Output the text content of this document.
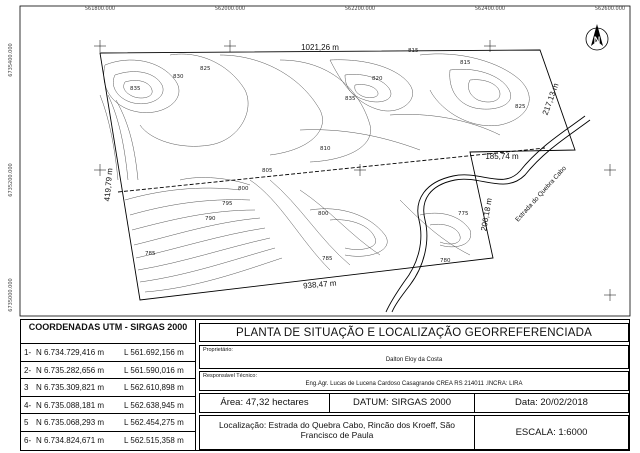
561800.000	562000.000	562200.000	562400.000	562600.000
6735400.000
6735200.000
6735000.000
N
Estrada do Quebra Cabo
1021,26 m
217,13 m
419,79 m
185,74 m
206,18 m
938,47 m
835
830
825
835
820
815
815
810
805
800
795
790
800
785	780
775
825
785
COORDENADAS UTM - SIRGAS 2000
1- N 6.734.729,416 m L 561.692,156 m
2- N 6.735.282,656 m L 561.590,016 m
3 N 6.735.309,821 m L 562.610,898 m
4- N 6.735.088,181 m L 562.638,945 m
5 N 6.735.068,293 m L 562.454,275 m
6- N 6.734.824,671 m L 562.515,358 m
PLANTA DE SITUAÇÃO E LOCALIZAÇÃO GEORREFERENCIADA
Proprietário:
Dalton Eloy da Costa
Responsável Técnico:
Eng.Agr. Lucas de Lucena Cardoso Casagrande CREA RS 214011 .INCRA: LIRA
Área: 47,32 hectares	DATUM: SIRGAS 2000	Data: 20/02/2018
Localização: Estrada do Quebra Cabo, Rincão dos Kroeff, São Francisco de Paula	ESCALA: 1:6000
